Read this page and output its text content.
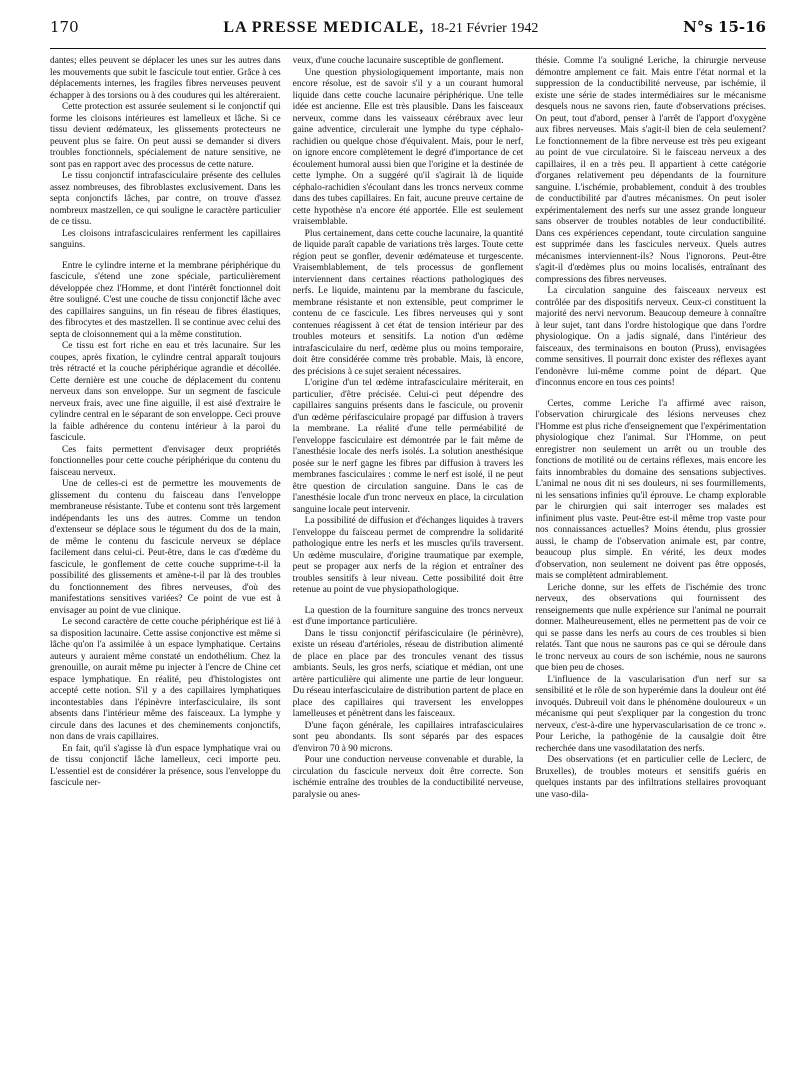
170	LA PRESSE MEDICALE, 18-21 Février 1942	N°s 15-16

dantes; elles peuvent se déplacer les unes sur les autres dans les mouvements que subit le fascicule tout entier. Grâce à ces déplacements internes, les fragiles fibres nerveuses peuvent échapper à des torsions ou à des coudures qui les altéreraient.

Cette protection est assurée seulement si le conjonctif qui forme les cloisons intérieures est lamelleux et lâche. Si ce tissu devient œdémateux, les glissements protecteurs ne peuvent plus se faire. On peut aussi se demander si divers troubles fonctionnels, spécialement de nature sensitive, ne sont pas en rapport avec des processus de cette nature.

Le tissu conjonctif intrafasciculaire présente des cellules assez nombreuses, des fibroblastes exclusivement. Dans les septa conjonctifs lâches, par contre, on trouve d'assez nombreux mastzellen, ce qui souligne le caractère particulier de ce tissu.

Les cloisons intrafasciculaires renferment les capillaires sanguins.

Entre le cylindre interne et la membrane périphérique du fascicule, s'étend une zone spéciale, particulièrement développée chez l'Homme, et dont l'intérêt fonctionnel doit être souligné. C'est une couche de tissu conjonctif lâche avec des capillaires sanguins, un fin réseau de fibres élastiques, des fibrocytes et des mastzellen. Il se continue avec celui des septa de cloisonnement qui a la même constitution.

Ce tissu est fort riche en eau et très lacunaire. Sur les coupes, après fixation, le cylindre central apparaît toujours très rétracté et la couche périphérique agrandie et décollée. Cette dernière est une couche de déplacement du contenu nerveux dans son enveloppe. Sur un segment de fascicule nerveux frais, avec une fine aiguille, il est aisé d'extraire le cylindre central en le séparant de son enveloppe. Ceci prouve la faible adhérence du contenu intérieur à la paroi du fascicule.

Ces faits permettent d'envisager deux propriétés fonctionnelles pour cette couche périphérique du contenu du faisceau nerveux.

Une de celles-ci est de permettre les mouvements de glissement du contenu du faisceau dans l'enveloppe membraneuse résistante. Tube et contenu sont très largement indépendants les uns des autres. Comme un tendon d'extenseur se déplace sous le tégument du dos de la main, de même le contenu du fascicule nerveux se déplace facilement dans celui-ci. Peut-être, dans le cas d'œdème du fascicule, le gonflement de cette couche supprime-t-il la possibilité des glissements et amène-t-il par là des troubles du fonctionnement des fibres nerveuses, d'où des manifestations sensitives variées? Ce point de vue est à envisager au point de vue clinique.

Le second caractère de cette couche périphérique est lié à sa disposition lacunaire. Cette assise conjonctive est même si lâche qu'on l'a assimilée à un espace lymphatique. Certains auteurs y auraient même constaté un endothélium. Chez la grenouille, on aurait même pu injecter à l'encre de Chine cet espace lymphatique. En réalité, peu d'histologistes ont accepté cette notion. S'il y a des capillaires lymphatiques incontestables dans l'épinèvre interfasciculaire, ils sont absents dans l'intérieur même des faisceaux. La lymphe y circule dans des lacunes et des cheminements conjonctifs, non dans de vrais capillaires.

En fait, qu'il s'agisse là d'un espace lymphatique vrai ou de tissu conjonctif lâche lamelleux, ceci importe peu. L'essentiel est de considérer la présence, sous l'enveloppe du fascicule ner-

veux, d'une couche lacunaire susceptible de gonflement.

Une question physiologiquement importante, mais non encore résolue, est de savoir s'il y a un courant humoral liquide dans cette couche lacunaire périphérique. Une telle idée est ancienne. Elle est très plausible. Dans les faisceaux nerveux, comme dans les vaisseaux cérébraux avec leur gaine adventice, circulerait une lymphe du type céphalo-rachidien ou quelque chose d'équivalent. Mais, pour le nerf, on ignore encore complètement le degré d'importance de cet écoulement humoral aussi bien que l'origine et la destinée de cette lymphe. On a suggéré qu'il s'agirait là de liquide céphalo-rachidien s'écoulant dans les troncs nerveux comme dans des tubes capillaires. En fait, aucune preuve certaine de cette hypothèse n'a encore été apportée. Elle est seulement vraisemblable.

Plus certainement, dans cette couche lacunaire, la quantité de liquide paraît capable de variations très larges. Toute cette région peut se gonfler, devenir œdémateuse et turgescente. Vraisemblablement, de tels processus de gonflement interviennent dans certaines réactions pathologiques des nerfs. Le liquide, maintenu par la membrane du fascicule, membrane résistante et non extensible, peut comprimer le contenu de ce fascicule. Les fibres nerveuses qui y sont contenues réagissent à cet état de tension intérieur par des troubles moteurs et sensitifs. La notion d'un œdème intrafasciculaire du nerf, œdème plus ou moins temporaire, doit être considérée comme très probable. Mais, là encore, des précisions à ce sujet seraient nécessaires.

L'origine d'un tel œdème intrafasciculaire mériterait, en particulier, d'être précisée. Celui-ci peut dépendre des capillaires sanguins présents dans le fascicule, ou provenir d'un œdème périfasciculaire propagé par diffusion à travers la membrane. La réalité d'une telle perméabilité de l'enveloppe fasciculaire est démontrée par le fait même de l'anesthésie locale des nerfs isolés. La solution anesthésique posée sur le nerf gagne les fibres par diffusion à travers les membranes fasciculaires : comme le nerf est isolé, il ne peut être question de circulation sanguine. Dans le cas de l'anesthésie locale d'un tronc nerveux en place, la circulation sanguine locale peut intervenir.

La possibilité de diffusion et d'échanges liquides à travers l'enveloppe du faisceau permet de comprendre la solidarité pathologique entre les nerfs et les muscles qu'ils traversent. Un œdème musculaire, d'origine traumatique par exemple, peut se propager aux nerfs de la région et entraîner des troubles sensitifs à leur niveau. Cette possibilité doit être retenue au point de vue physiopathologique.

La question de la fourniture sanguine des troncs nerveux est d'une importance particulière.

Dans le tissu conjonctif périfasciculaire (le périnèvre), existe un réseau d'artérioles, réseau de distribution alimenté de place en place par des troncules venant des tissus ambiants. Seuls, les gros nerfs, sciatique et médian, ont une artère particulière qui alimente une partie de leur longueur. Du réseau interfasciculaire de distribution partent de place en place des capillaires qui traversent les enveloppes lamelleuses et pénètrent dans les faisceaux.

D'une façon générale, les capillaires intrafasciculaires sont peu abondants. Ils sont séparés par des espaces d'environ 70 à 90 microns.

Pour une conduction nerveuse convenable et durable, la circulation du fascicule nerveux doit être correcte. Son ischémie entraîne des troubles de la conductibilité nerveuse, paralysie ou anes-

thésie. Comme l'a souligné Leriche, la chirurgie nerveuse démontre amplement ce fait. Mais entre l'état normal et la suppression de la conductibilité nerveuse, par ischémie, il existe une série de stades intermédiaires sur le mécanisme desquels nous ne savons rien, faute d'observations précises. On peut, tout d'abord, penser à l'arrêt de l'apport d'oxygène aux fibres nerveuses. Mais s'agit-il bien de cela seulement? Le fonctionnement de la fibre nerveuse est très peu exigeant au point de vue circulatoire. Si le faisceau nerveux a des capillaires, il en a très peu. Il appartient à cette catégorie d'organes relativement peu dépendants de la fourniture sanguine. L'ischémie, probablement, conduit à des troubles de conductibilité par d'autres mécanismes. On peut isoler expérimentalement des nerfs sur une assez grande longueur sans observer de troubles notables de leur conductibilité. Dans ces expériences cependant, toute circulation sanguine est supprimée dans les fascicules nerveux. Quels autres mécanismes interviennent-ils? Nous l'ignorons. Peut-être s'agit-il d'œdèmes plus ou moins localisés, entraînant des compressions des fibres nerveuses.

La circulation sanguine des faisceaux nerveux est contrôlée par des dispositifs nerveux. Ceux-ci constituent la majorité des nervi nervorum. Beaucoup demeure à connaître à leur sujet, tant dans l'ordre histologique que dans l'ordre physiologique. On a jadis signalé, dans l'intérieur des faisceaux, des terminaisons en bouton (Pruss), envisagées comme sensitives. Il pourrait donc exister des réflexes ayant l'endonèvre lui-même comme point de départ. Que d'inconnus encore en tous ces points!

Certes, comme Leriche l'a affirmé avec raison, l'observation chirurgicale des lésions nerveuses chez l'Homme est plus riche d'enseignement que l'expérimentation physiologique chez l'animal. Sur l'Homme, on peut enregistrer non seulement un arrêt ou un trouble des fonctions de motilité ou de certains réflexes, mais encore les faits innombrables du domaine des sensations subjectives. L'animal ne nous dit ni ses douleurs, ni ses fourmillements, ni les sensations infinies qu'il éprouve. Le champ explorable par le chirurgien qui sait interroger ses malades est infiniment plus vaste. Peut-être est-il même trop vaste pour nos connaissances actuelles? Moins étendu, plus grossier aussi, le champ de l'observation animale est, par contre, beaucoup plus simple. En vérité, les deux modes d'observation, non seulement ne doivent pas être opposés, mais se complètent admirablement.

Leriche donne, sur les effets de l'ischémie des tronc nerveux, des observations qui fournissent des renseignements que nulle expérience sur l'animal ne pourrait donner. Malheureusement, elles ne permettent pas de voir ce qui se passe dans les nerfs au cours de ces troubles si bien relatés. Tant que nous ne saurons pas ce qui se déroule dans le tronc nerveux au cours de son ischémie, nous ne saurons que bien peu de choses.

L'influence de la vascularisation d'un nerf sur sa sensibilité et le rôle de son hyperémie dans la douleur ont été invoqués. Dubreuil voit dans le phénomène douloureux « un mécanisme qui peut s'expliquer par la congestion du tronc nerveux, c'est-à-dire une hypervascularisation de ce tronc ». Pour Leriche, la pathogénie de la causalgie doit être recherchée dans une vasodilatation des nerfs.

Des observations (et en particulier celle de Leclerc, de Bruxelles), de troubles moteurs et sensitifs guéris en quelques instants par des infiltrations stellaires provoquant une vaso-dila-
